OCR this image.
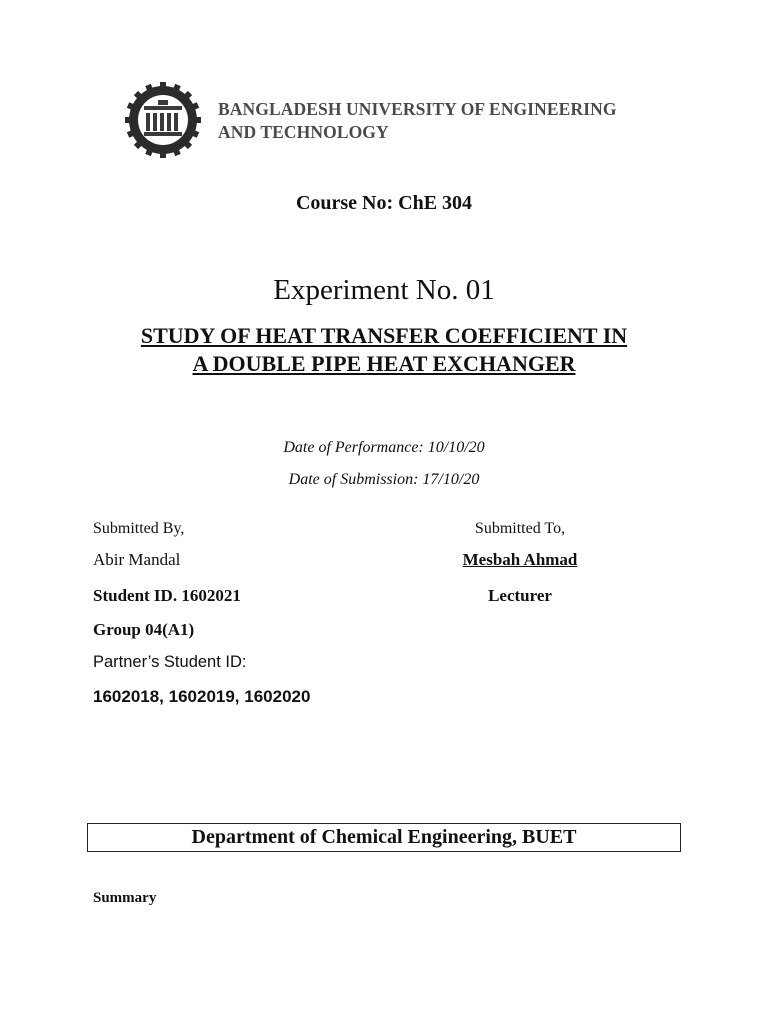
BANGLADESH UNIVERSITY OF ENGINEERING
AND TECHNOLOGY
Course No: ChE 304
Experiment No. 01
STUDY OF HEAT TRANSFER COEFFICIENT IN
A DOUBLE PIPE HEAT EXCHANGER
Date of Performance: 10/10/20
Date of Submission: 17/10/20
Submitted By,
Abir Mandal
Student ID. 1602021
Group 04(A1)
Partner’s Student ID:
1602018, 1602019, 1602020
Submitted To,
Mesbah Ahmad
Lecturer
Department of Chemical Engineering, BUET
Summary
